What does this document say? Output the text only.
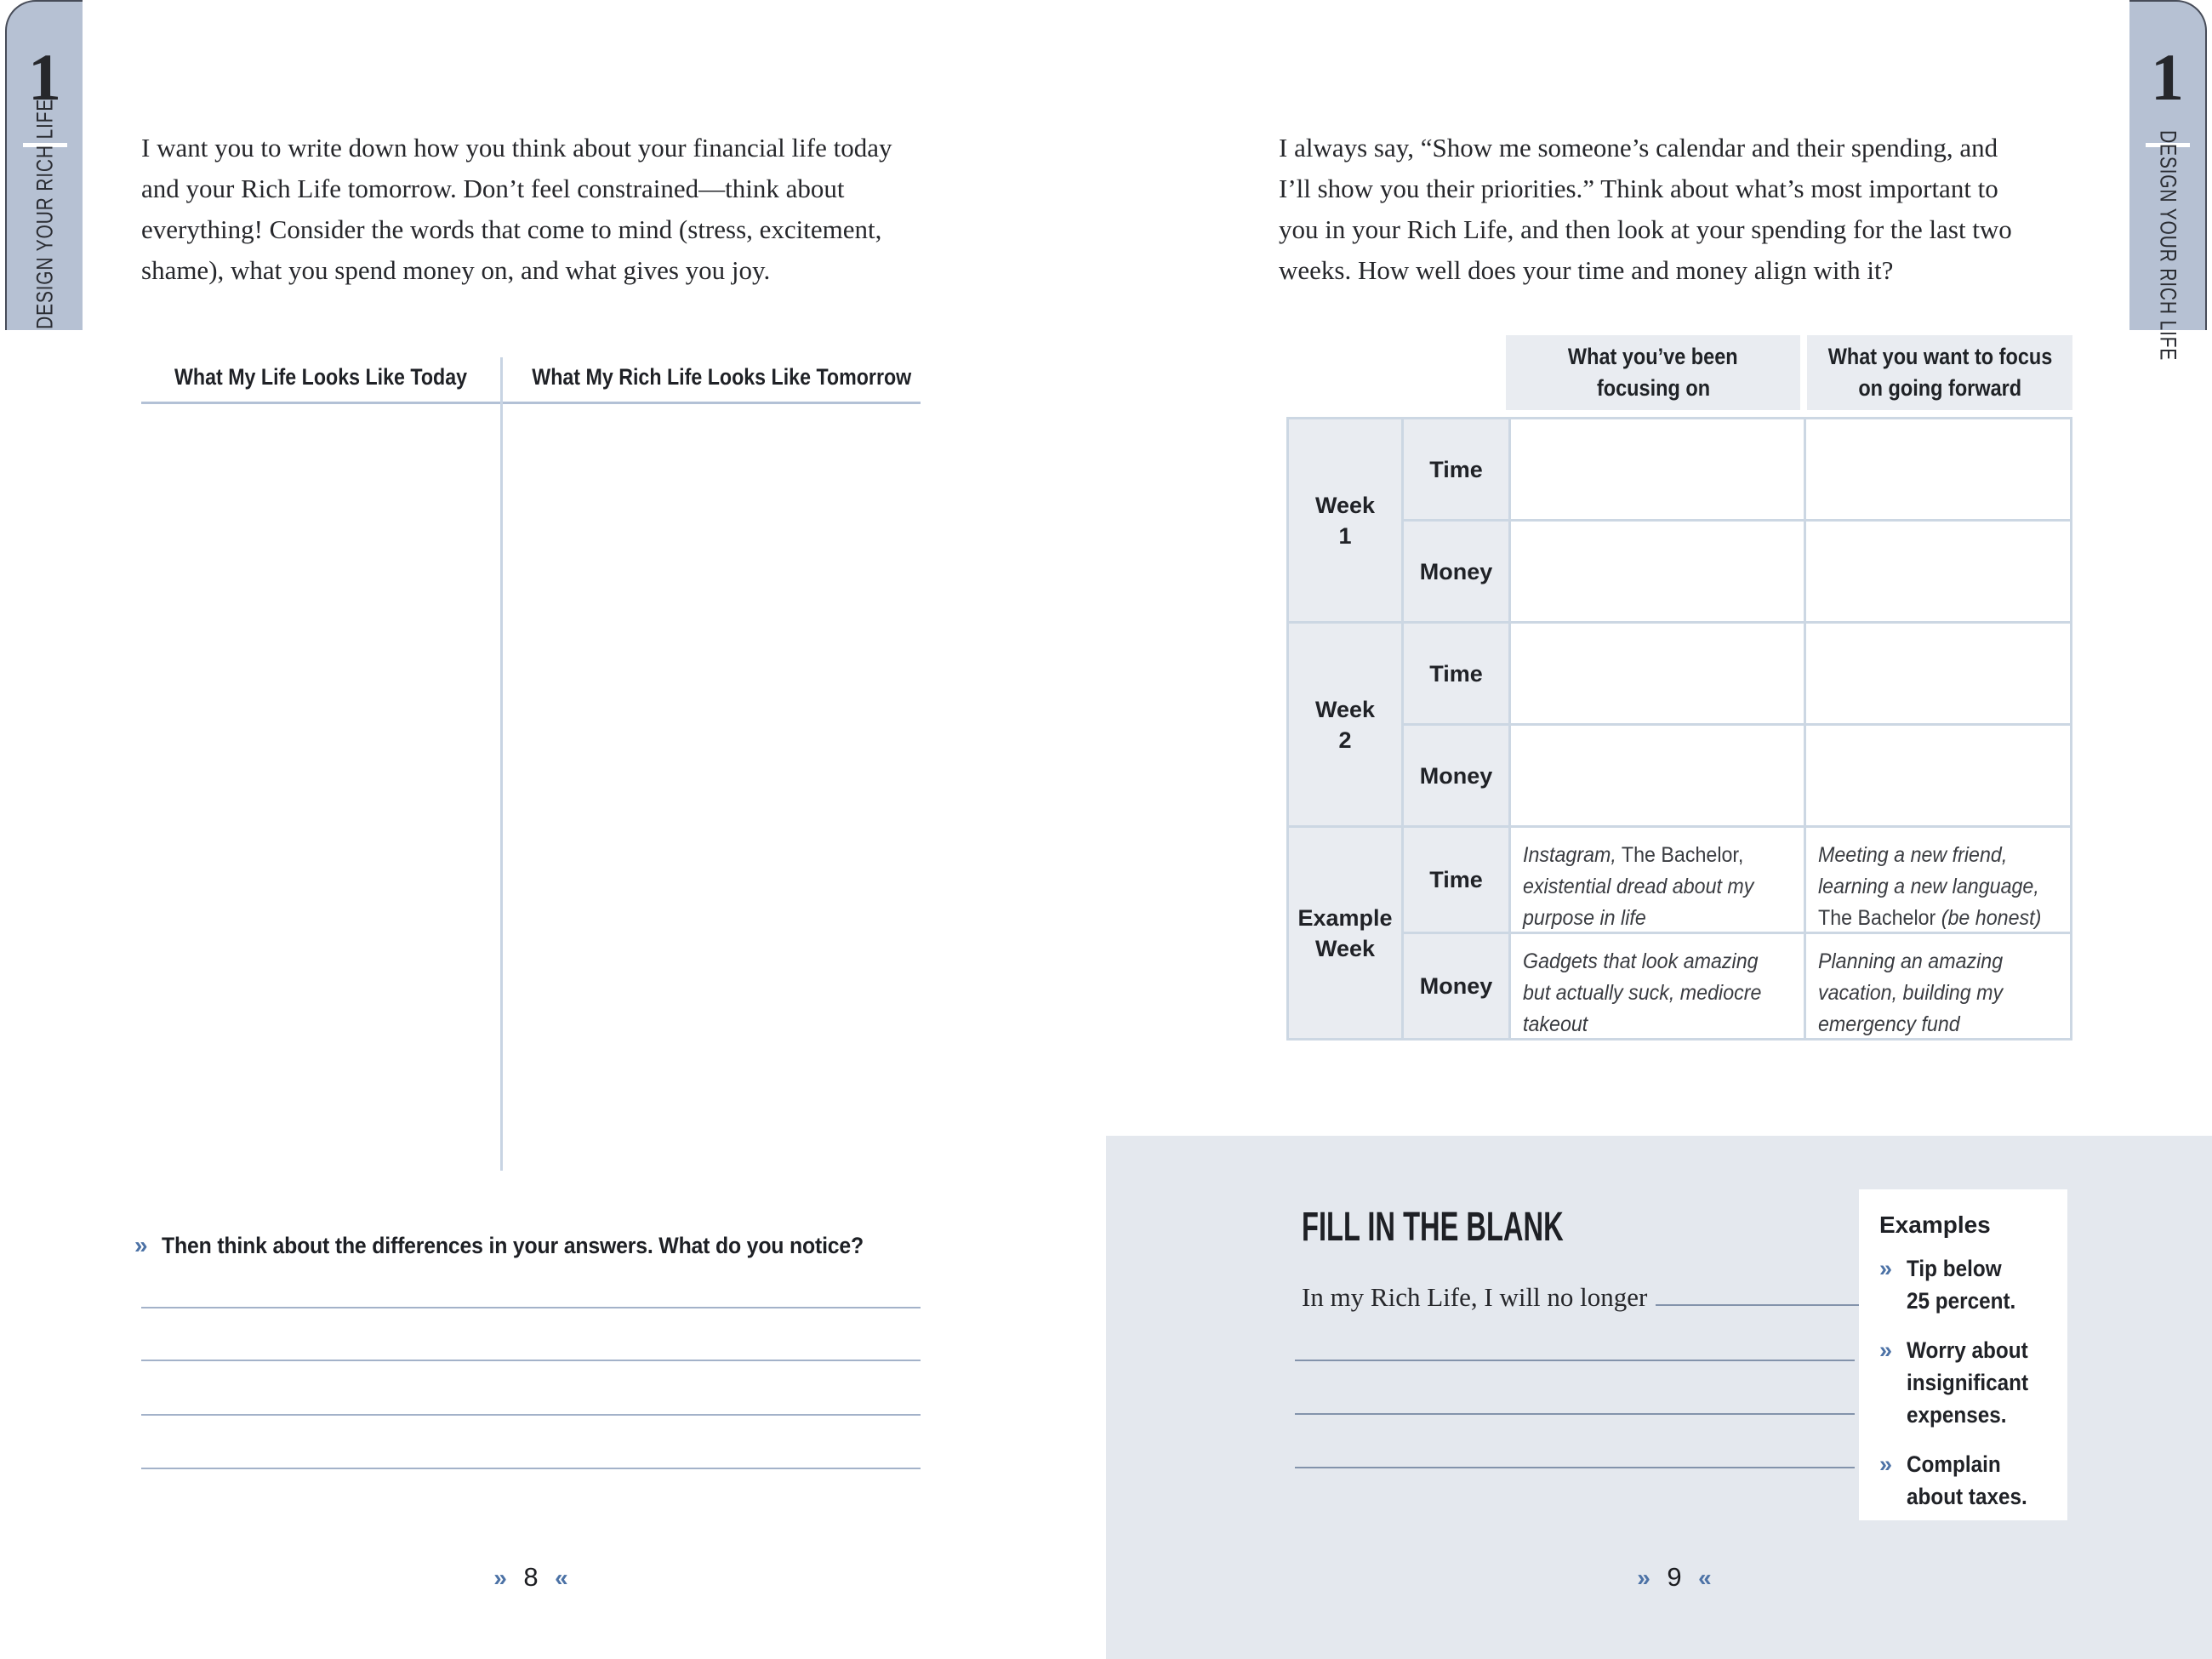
1
DESIGN YOUR RICH LIFE
1
DESIGN YOUR RICH LIFE
I want you to write down how you think about your financial life today
and your Rich Life tomorrow. Don’t feel constrained—think about
everything! Consider the words that come to mind (stress, excitement,
shame), what you spend money on, and what gives you joy.
What My Life Looks Like Today	What My Rich Life Looks Like Tomorrow
» Then think about the differences in your answers. What do you notice?
» 8 «
I always say, “Show me someone’s calendar and their spending, and
I’ll show you their priorities.” Think about what’s most important to
you in your Rich Life, and then look at your spending for the last two
weeks. How well does your time and money align with it?
What you’ve been
focusing on
What you want to focus
on going forward
Week
1
Time
Money
Week
2
Time
Money
Example
Week
Time
Instagram, The Bachelor,
existential dread about my
purpose in life
Meeting a new friend,
learning a new language,
The Bachelor (be honest)
Money
Gadgets that look amazing
but actually suck, mediocre
takeout
Planning an amazing
vacation, building my
emergency fund
FILL IN THE BLANK
In my Rich Life, I will no longer
Examples
» Tip below
25 percent.
» Worry about
insignificant
expenses.
» Complain
about taxes.
» 9 «
